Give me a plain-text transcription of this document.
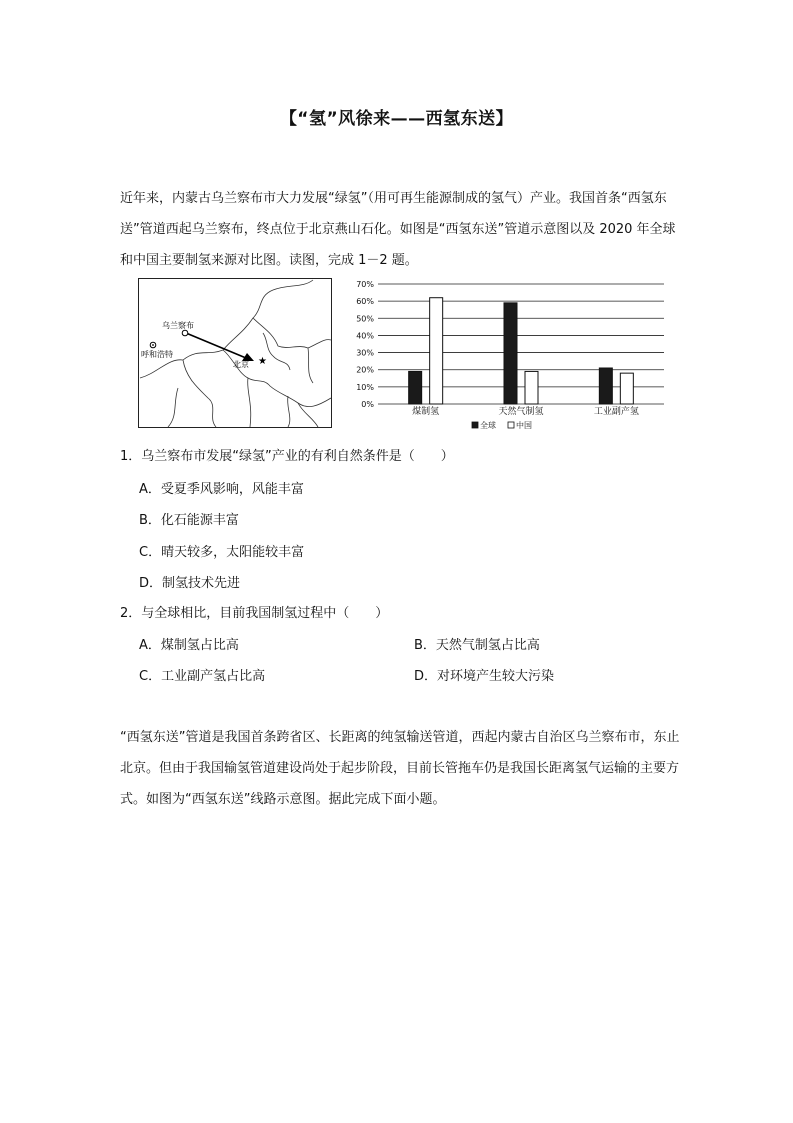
【“氢”风徐来——西氢东送】
近年来，内蒙古乌兰察布市大力发展“绿氢”（用可再生能源制成的氢气）产业。我国首条“西氢东送”管道西起乌兰察布，终点位于北京燕山石化。如图是“西氢东送”管道示意图以及 2020 年全球和中国主要制氢来源对比图。读图，完成 1－2 题。
★
乌兰察布
呼和浩特
北京
0%
10%
20%
30%
40%
50%
60%
70%
煤制氢	天然气制氢	工业副产氢
全球	中国
1．乌兰察布市发展“绿氢”产业的有利自然条件是（　　）
A．受夏季风影响，风能丰富
B．化石能源丰富
C．晴天较多，太阳能较丰富
D．制氢技术先进
2．与全球相比，目前我国制氢过程中（　　）
A．煤制氢占比高	B．天然气制氢占比高
C．工业副产氢占比高	D．对环境产生较大污染
“西氢东送”管道是我国首条跨省区、长距离的纯氢输送管道，西起内蒙古自治区乌兰察布市，东止北京。但由于我国输氢管道建设尚处于起步阶段，目前长管拖车仍是我国长距离氢气运输的主要方式。如图为“西氢东送”线路示意图。据此完成下面小题。
